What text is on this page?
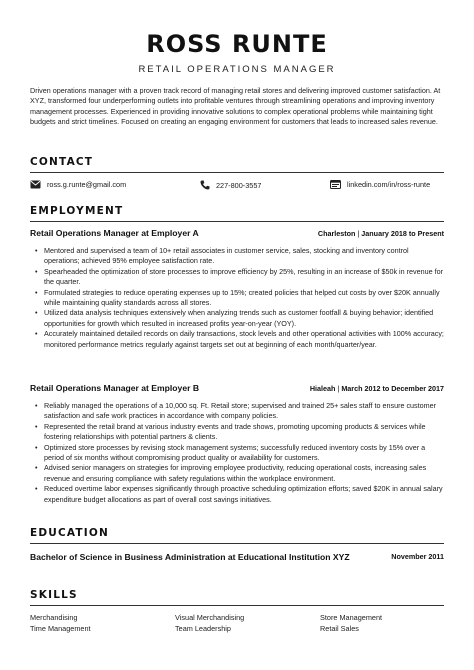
ROSS RUNTE
RETAIL OPERATIONS MANAGER
Driven operations manager with a proven track record of managing retail stores and delivering improved customer satisfaction. At XYZ, transformed four underperforming outlets into profitable ventures through streamlining operations and improving inventory management processes. Experienced in providing innovative solutions to complex operational problems while maintaining tight budgets and strict timelines. Focused on creating an engaging environment for customers that leads to increased sales revenue.
CONTACT
ross.g.runte@gmail.com	227-800-3557	linkedin.com/in/ross-runte
EMPLOYMENT
Retail Operations Manager at Employer A	Charleston | January 2018 to Present
• Mentored and supervised a team of 10+ retail associates in customer service, sales, stocking and inventory control operations; achieved 95% employee satisfaction rate.
• Spearheaded the optimization of store processes to improve efficiency by 25%, resulting in an increase of $50k in revenue for the quarter.
• Formulated strategies to reduce operating expenses up to 15%; created policies that helped cut costs by over $20K annually while maintaining quality standards across all stores.
• Utilized data analysis techniques extensively when analyzing trends such as customer footfall & buying behavior; identified opportunities for growth which resulted in increased profits year-on-year (YOY).
• Accurately maintained detailed records on daily transactions, stock levels and other operational activities with 100% accuracy; monitored performance metrics regularly against targets set out at beginning of each month/quarter/year.
Retail Operations Manager at Employer B	Hialeah | March 2012 to December 2017
• Reliably managed the operations of a 10,000 sq. Ft. Retail store; supervised and trained 25+ sales staff to ensure customer satisfaction and safe work practices in accordance with company policies.
• Represented the retail brand at various industry events and trade shows, promoting upcoming products & services while fostering relationships with potential partners & clients.
• Optimized store processes by revising stock management systems; successfully reduced inventory costs by 15% over a period of six months without compromising product quality or availability for customers.
• Advised senior managers on strategies for improving employee productivity, reducing operational costs, increasing sales revenue and ensuring compliance with safety regulations within the workplace environment.
• Reduced overtime labor expenses significantly through proactive scheduling optimization efforts; saved $20K in annual salary expenditure budget allocations as part of overall cost savings initiatives.
EDUCATION
Bachelor of Science in Business Administration at Educational Institution XYZ	November 2011
SKILLS
Merchandising	Visual Merchandising	Store Management
Time Management	Team Leadership	Retail Sales
